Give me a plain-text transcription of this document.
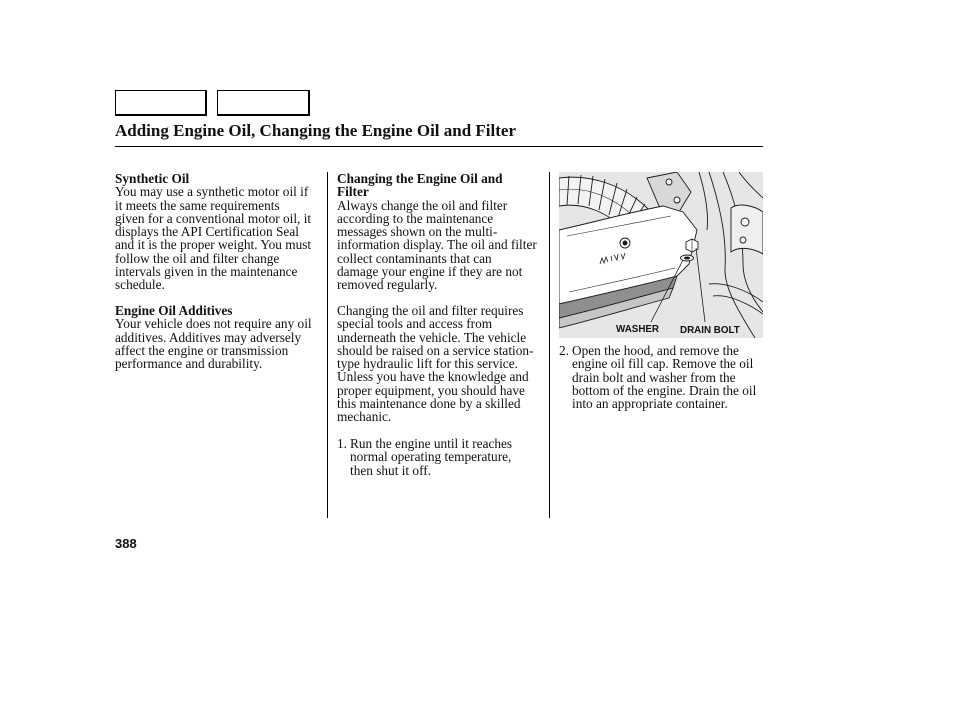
Adding Engine Oil, Changing the Engine Oil and Filter
Synthetic Oil
You may use a synthetic motor oil if
it meets the same requirements
given for a conventional motor oil, it
displays the API Certification Seal
and it is the proper weight. You must
follow the oil and filter change
intervals given in the maintenance
schedule.
Engine Oil Additives
Your vehicle does not require any oil
additives. Additives may adversely
affect the engine or transmission
performance and durability.
Changing the Engine Oil and
Filter
Always change the oil and filter
according to the maintenance
messages shown on the multi-
information display. The oil and filter
collect contaminants that can
damage your engine if they are not
removed regularly.
Changing the oil and filter requires
special tools and access from
underneath the vehicle. The vehicle
should be raised on a service station-
type hydraulic lift for this service.
Unless you have the knowledge and
proper equipment, you should have
this maintenance done by a skilled
mechanic.
1. Run the engine until it reaches
normal operating temperature,
then shut it off.
WASHER DRAIN BOLT
2. Open the hood, and remove the
engine oil fill cap. Remove the oil
drain bolt and washer from the
bottom of the engine. Drain the oil
into an appropriate container.
388
